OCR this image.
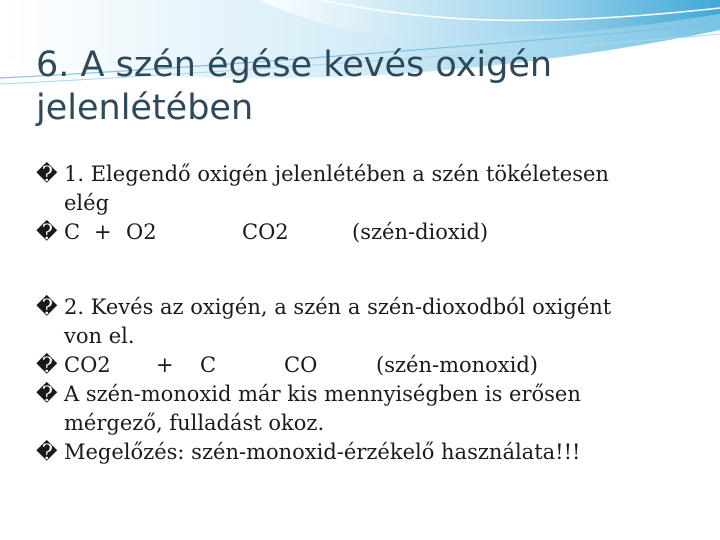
6. A szén égése kevés oxigén
jelenlétében
� 1. Elegendő oxigén jelenlétében a szén tökéletesen
elég
� C + O2	CO2	(szén-dioxid)
� 2. Kevés az oxigén, a szén a szén-dioxodból oxigént
von el.
� CO2	+	C	CO	(szén-monoxid)
� A szén-monoxid már kis mennyiségben is erősen
mérgező, fulladást okoz.
� Megelőzés: szén-monoxid-érzékelő használata!!!
